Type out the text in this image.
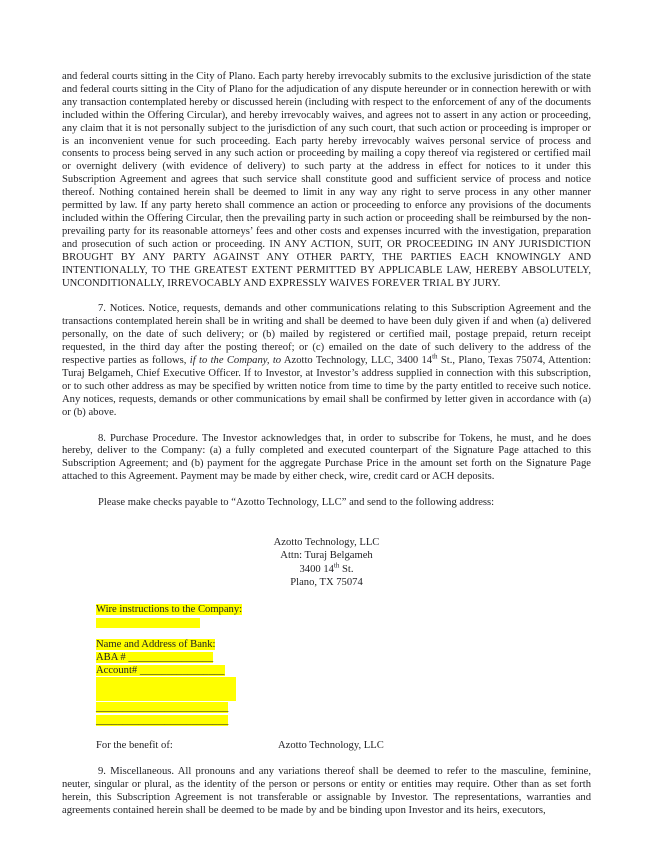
and federal courts sitting in the City of Plano. Each party hereby irrevocably submits to the exclusive jurisdiction of the state and federal courts sitting in the City of Plano for the adjudication of any dispute hereunder or in connection herewith or with any transaction contemplated hereby or discussed herein (including with respect to the enforcement of any of the documents included within the Offering Circular), and hereby irrevocably waives, and agrees not to assert in any action or proceeding, any claim that it is not personally subject to the jurisdiction of any such court, that such action or proceeding is improper or is an inconvenient venue for such proceeding. Each party hereby irrevocably waives personal service of process and consents to process being served in any such action or proceeding by mailing a copy thereof via registered or certified mail or overnight delivery (with evidence of delivery) to such party at the address in effect for notices to it under this Subscription Agreement and agrees that such service shall constitute good and sufficient service of process and notice thereof. Nothing contained herein shall be deemed to limit in any way any right to serve process in any other manner permitted by law. If any party hereto shall commence an action or proceeding to enforce any provisions of the documents included within the Offering Circular, then the prevailing party in such action or proceeding shall be reimbursed by the non-prevailing party for its reasonable attorneys’ fees and other costs and expenses incurred with the investigation, preparation and prosecution of such action or proceeding. IN ANY ACTION, SUIT, OR PROCEEDING IN ANY JURISDICTION BROUGHT BY ANY PARTY AGAINST ANY OTHER PARTY, THE PARTIES EACH KNOWINGLY AND INTENTIONALLY, TO THE GREATEST EXTENT PERMITTED BY APPLICABLE LAW, HEREBY ABSOLUTELY, UNCONDITIONALLY, IRREVOCABLY AND EXPRESSLY WAIVES FOREVER TRIAL BY JURY.

7. Notices. Notice, requests, demands and other communications relating to this Subscription Agreement and the transactions contemplated herein shall be in writing and shall be deemed to have been duly given if and when (a) delivered personally, on the date of such delivery; or (b) mailed by registered or certified mail, postage prepaid, return receipt requested, in the third day after the posting thereof; or (c) emailed on the date of such delivery to the address of the respective parties as follows, if to the Company, to Azotto Technology, LLC, 3400 14th St., Plano, Texas 75074, Attention: Turaj Belgameh, Chief Executive Officer. If to Investor, at Investor’s address supplied in connection with this subscription, or to such other address as may be specified by written notice from time to time by the party entitled to receive such notice. Any notices, requests, demands or other communications by email shall be confirmed by letter given in accordance with (a) or (b) above.

8. Purchase Procedure. The Investor acknowledges that, in order to subscribe for Tokens, he must, and he does hereby, deliver to the Company: (a) a fully completed and executed counterpart of the Signature Page attached to this Subscription Agreement; and (b) payment for the aggregate Purchase Price in the amount set forth on the Signature Page attached to this Agreement. Payment may be made by either check, wire, credit card or ACH deposits.

Please make checks payable to “Azotto Technology, LLC” and send to the following address:

Azotto Technology, LLC
Attn: Turaj Belgameh
3400 14th St.
Plano, TX 75074
Wire instructions to the Company:
Name and Address of Bank:
ABA # ________________
Account# ________________
_________________________
_________________________
For the benefit of:	Azotto Technology, LLC

9. Miscellaneous. All pronouns and any variations thereof shall be deemed to refer to the masculine, feminine, neuter, singular or plural, as the identity of the person or persons or entity or entities may require. Other than as set forth herein, this Subscription Agreement is not transferable or assignable by Investor. The representations, warranties and agreements contained herein shall be deemed to be made by and be binding upon Investor and its heirs, executors,
